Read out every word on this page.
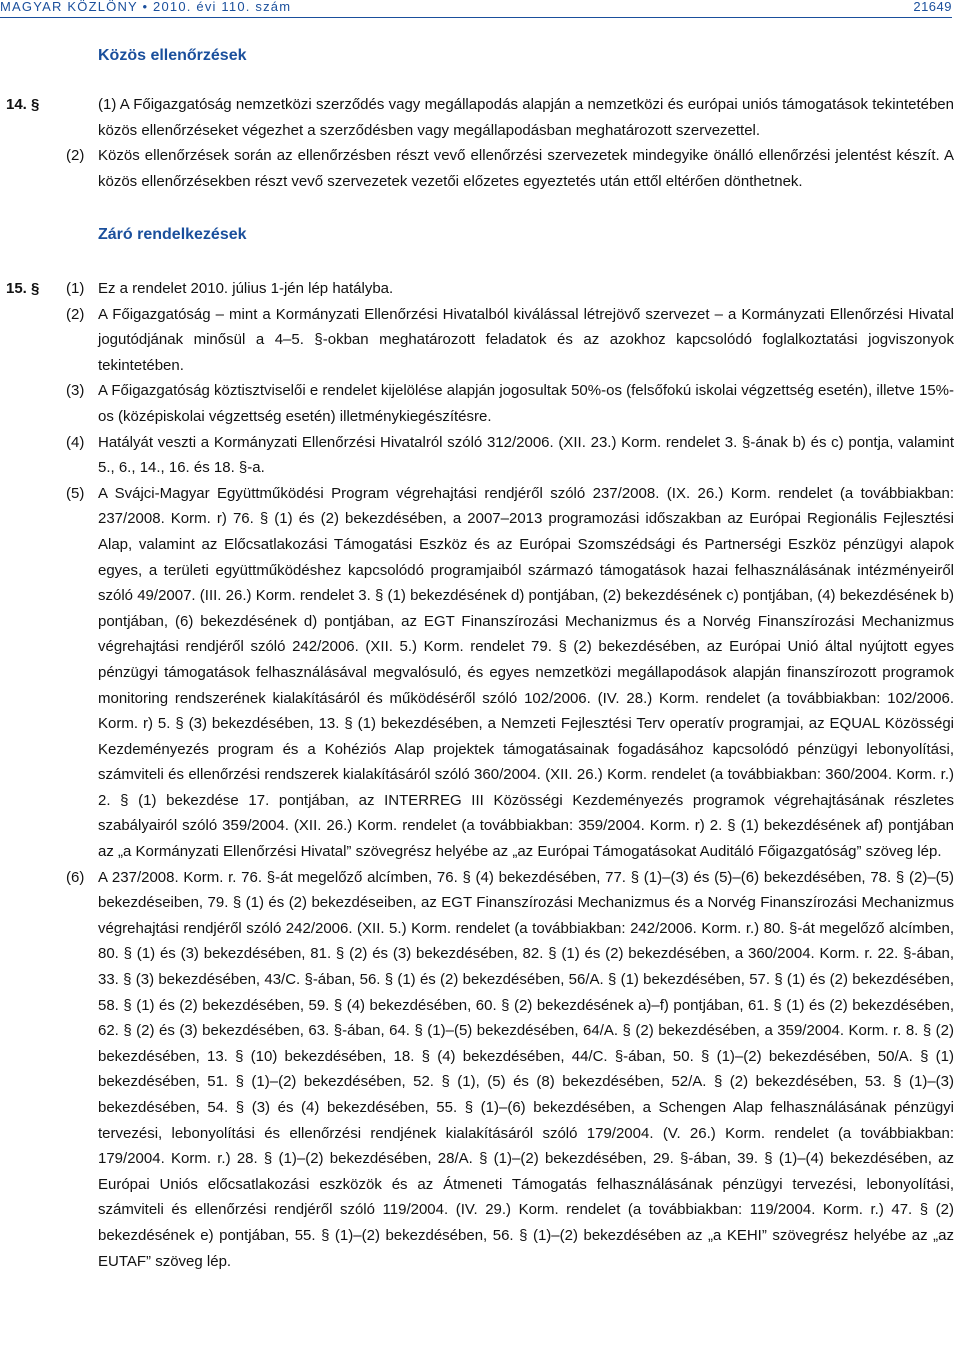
MAGYAR KÖZLÖNY • 2010. évi 110. szám	21649
Közös ellenőrzések
14. §	(1) A Főigazgatóság nemzetközi szerződés vagy megállapodás alapján a nemzetközi és európai uniós támogatások tekintetében közös ellenőrzéseket végezhet a szerződésben vagy megállapodásban meghatározott szervezettel.
(2) Közös ellenőrzések során az ellenőrzésben részt vevő ellenőrzési szervezetek mindegyike önálló ellenőrzési jelentést készít. A közös ellenőrzésekben részt vevő szervezetek vezetői előzetes egyeztetés után ettől eltérően dönthetnek.
Záró rendelkezések
15. § (1) Ez a rendelet 2010. július 1-jén lép hatályba.
(2) A Főigazgatóság – mint a Kormányzati Ellenőrzési Hivatalból kiválással létrejövő szervezet – a Kormányzati Ellenőrzési Hivatal jogutódjának minősül a 4–5. §-okban meghatározott feladatok és az azokhoz kapcsolódó foglalkoztatási jogviszonyok tekintetében.
(3) A Főigazgatóság köztisztviselői e rendelet kijelölése alapján jogosultak 50%-os (felsőfokú iskolai végzettség esetén), illetve 15%-os (középiskolai végzettség esetén) illetménykiegészítésre.
(4) Hatályát veszti a Kormányzati Ellenőrzési Hivatalról szóló 312/2006. (XII. 23.) Korm. rendelet 3. §-ának b) és c) pontja, valamint 5., 6., 14., 16. és 18. §-a.
(5) A Svájci-Magyar Együttműködési Program végrehajtási rendjéről szóló 237/2008. (IX. 26.) Korm. rendelet (a továbbiakban: 237/2008. Korm. r) 76. § (1) és (2) bekezdésében, a 2007–2013 programozási időszakban az Európai Regionális Fejlesztési Alap, valamint az Előcsatlakozási Támogatási Eszköz és az Európai Szomszédsági és Partnerségi Eszköz pénzügyi alapok egyes, a területi együttműködéshez kapcsolódó programjaiból származó támogatások hazai felhasználásának intézményeiről szóló 49/2007. (III. 26.) Korm. rendelet 3. § (1) bekezdésének d) pontjában, (2) bekezdésének c) pontjában, (4) bekezdésének b) pontjában, (6) bekezdésének d) pontjában, az EGT Finanszírozási Mechanizmus és a Norvég Finanszírozási Mechanizmus végrehajtási rendjéről szóló 242/2006. (XII. 5.) Korm. rendelet 79. § (2) bekezdésében, az Európai Unió által nyújtott egyes pénzügyi támogatások felhasználásával megvalósuló, és egyes nemzetközi megállapodások alapján finanszírozott programok monitoring rendszerének kialakításáról és működéséről szóló 102/2006. (IV. 28.) Korm. rendelet (a továbbiakban: 102/2006. Korm. r) 5. § (3) bekezdésében, 13. § (1) bekezdésében, a Nemzeti Fejlesztési Terv operatív programjai, az EQUAL Közösségi Kezdeményezés program és a Kohéziós Alap projektek támogatásainak fogadásához kapcsolódó pénzügyi lebonyolítási, számviteli és ellenőrzési rendszerek kialakításáról szóló 360/2004. (XII. 26.) Korm. rendelet (a továbbiakban: 360/2004. Korm. r.) 2. § (1) bekezdése 17. pontjában, az INTERREG III Közösségi Kezdeményezés programok végrehajtásának részletes szabályairól szóló 359/2004. (XII. 26.) Korm. rendelet (a továbbiakban: 359/2004. Korm. r) 2. § (1) bekezdésének af) pontjában az „a Kormányzati Ellenőrzési Hivatal” szövegrész helyébe az „az Európai Támogatásokat Auditáló Főigazgatóság” szöveg lép.
(6) A 237/2008. Korm. r. 76. §-át megelőző alcímben, 76. § (4) bekezdésében, 77. § (1)–(3) és (5)–(6) bekezdésében, 78. § (2)–(5) bekezdéseiben, 79. § (1) és (2) bekezdéseiben, az EGT Finanszírozási Mechanizmus és a Norvég Finanszírozási Mechanizmus végrehajtási rendjéről szóló 242/2006. (XII. 5.) Korm. rendelet (a továbbiakban: 242/2006. Korm. r.) 80. §-át megelőző alcímben, 80. § (1) és (3) bekezdésében, 81. § (2) és (3) bekezdésében, 82. § (1) és (2) bekezdésében, a 360/2004. Korm. r. 22. §-ában, 33. § (3) bekezdésében, 43/C. §-ában, 56. § (1) és (2) bekezdésében, 56/A. § (1) bekezdésében, 57. § (1) és (2) bekezdésében, 58. § (1) és (2) bekezdésében, 59. § (4) bekezdésében, 60. § (2) bekezdésének a)–f) pontjában, 61. § (1) és (2) bekezdésében, 62. § (2) és (3) bekezdésében, 63. §-ában, 64. § (1)–(5) bekezdésében, 64/A. § (2) bekezdésében, a 359/2004. Korm. r. 8. § (2) bekezdésében, 13. § (10) bekezdésében, 18. § (4) bekezdésében, 44/C. §-ában, 50. § (1)–(2) bekezdésében, 50/A. § (1) bekezdésében, 51. § (1)–(2) bekezdésében, 52. § (1), (5) és (8) bekezdésében, 52/A. § (2) bekezdésében, 53. § (1)–(3) bekezdésében, 54. § (3) és (4) bekezdésében, 55. § (1)–(6) bekezdésében, a Schengen Alap felhasználásának pénzügyi tervezési, lebonyolítási és ellenőrzési rendjének kialakításáról szóló 179/2004. (V. 26.) Korm. rendelet (a továbbiakban: 179/2004. Korm. r.) 28. § (1)–(2) bekezdésében, 28/A. § (1)–(2) bekezdésében, 29. §-ában, 39. § (1)–(4) bekezdésében, az Európai Uniós előcsatlakozási eszközök és az Átmeneti Támogatás felhasználásának pénzügyi tervezési, lebonyolítási, számviteli és ellenőrzési rendjéről szóló 119/2004. (IV. 29.) Korm. rendelet (a továbbiakban: 119/2004. Korm. r.) 47. § (2) bekezdésének e) pontjában, 55. § (1)–(2) bekezdésében, 56. § (1)–(2) bekezdésében az „a KEHI” szövegrész helyébe az „az EUTAF” szöveg lép.
